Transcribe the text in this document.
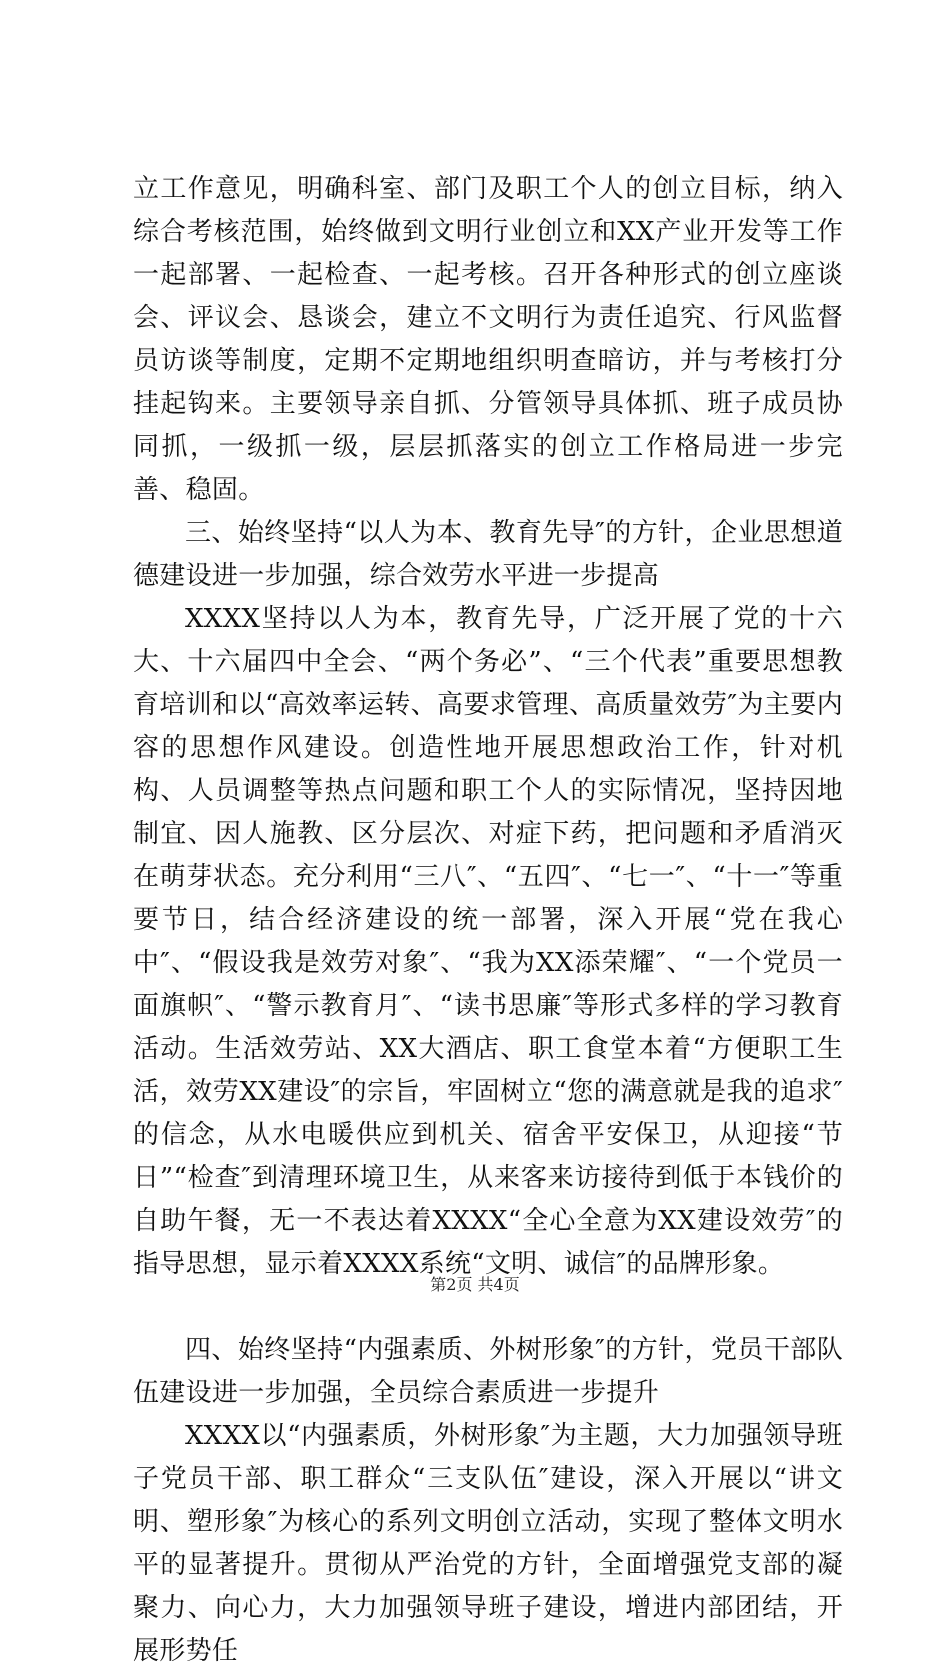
立工作意见，明确科室、部门及职工个人的创立目标，纳入综合考核范围，始终做到文明行业创立和XX产业开发等工作一起部署、一起检查、一起考核。召开各种形式的创立座谈会、评议会、恳谈会，建立不文明行为责任追究、行风监督员访谈等制度，定期不定期地组织明查暗访，并与考核打分挂起钩来。主要领导亲自抓、分管领导具体抓、班子成员协同抓，一级抓一级，层层抓落实的创立工作格局进一步完善、稳固。

三、始终坚持“以人为本、教育先导″的方针，企业思想道德建设进一步加强，综合效劳水平进一步提高

XXXX坚持以人为本，教育先导，广泛开展了党的十六大、十六届四中全会、“两个务必”、“三个代表”重要思想教育培训和以“高效率运转、高要求管理、高质量效劳″为主要内容的思想作风建设。创造性地开展思想政治工作，针对机构、人员调整等热点问题和职工个人的实际情况，坚持因地制宜、因人施教、区分层次、对症下药，把问题和矛盾消灭在萌芽状态。充分利用“三八″、“五四″、“七一″、“十一″等重要节日，结合经济建设的统一部署，深入开展“党在我心中″、“假设我是效劳对象″、“我为XX添荣耀″、“一个党员一面旗帜″、“警示教育月″、“读书思廉″等形式多样的学习教育活动。生活效劳站、XX大酒店、职工食堂本着“方便职工生活，效劳XX建设″的宗旨，牢固树立“您的满意就是我的追求″的信念，从水电暖供应到机关、宿舍平安保卫，从迎接“节日”“检查″到清理环境卫生，从来客来访接待到低于本钱价的自助午餐，无一不表达着XXXX“全心全意为XX建设效劳″的指导思想，显示着XXXX系统“文明、诚信″的品牌形象。

四、始终坚持“内强素质、外树形象″的方针，党员干部队伍建设进一步加强，全员综合素质进一步提升

XXXX以“内强素质，外树形象″为主题，大力加强领导班子党员干部、职工群众“三支队伍″建设，深入开展以“讲文明、塑形象″为核心的系列文明创立活动，实现了整体文明水平的显著提升。贯彻从严治党的方针，全面增强党支部的凝聚力、向心力，大力加强领导班子建设，增进内部团结，开展形势任

第2页 共4页
